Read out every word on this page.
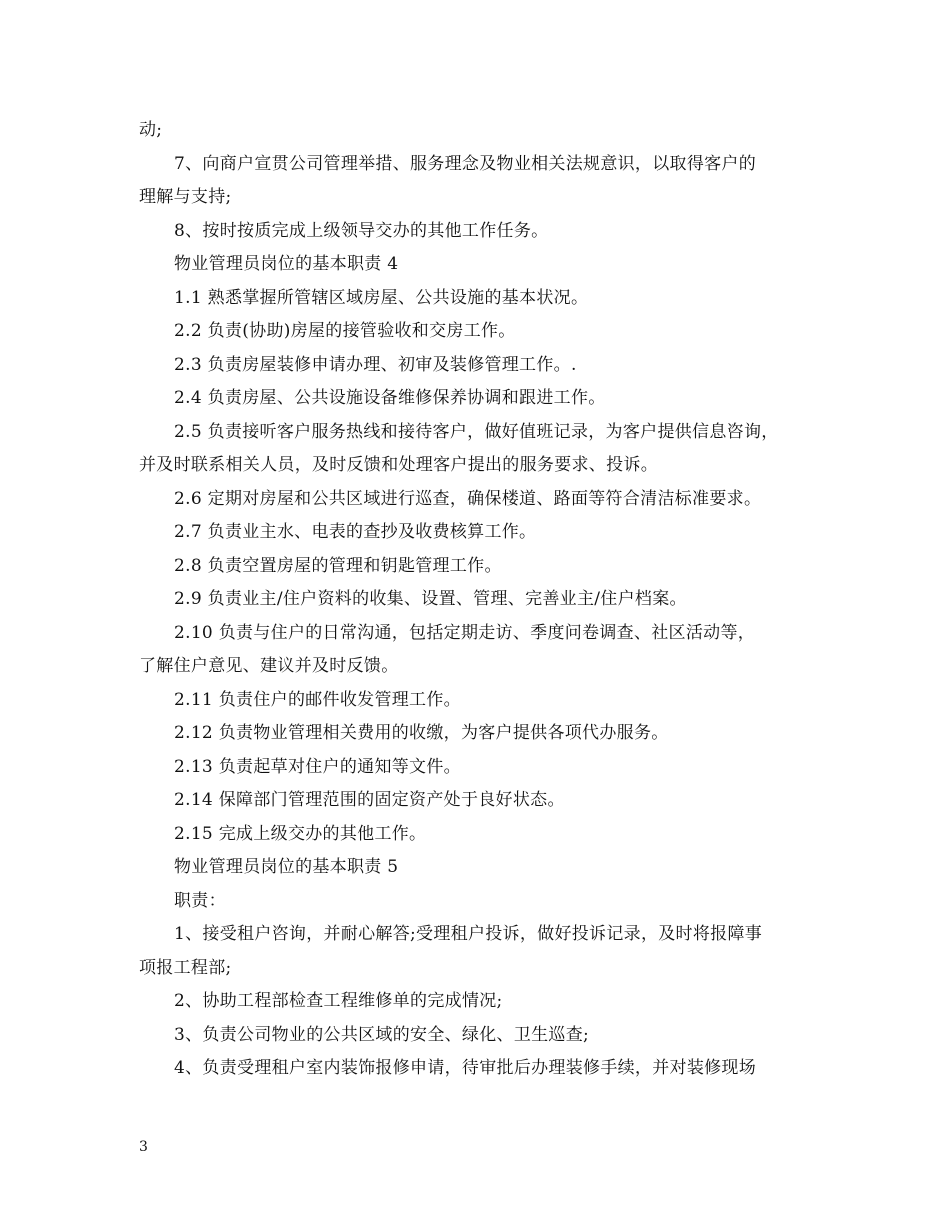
动;
7、向商户宣贯公司管理举措、服务理念及物业相关法规意识，以取得客户的
理解与支持;
8、按时按质完成上级领导交办的其他工作任务。
物业管理员岗位的基本职责 4
1.1 熟悉掌握所管辖区域房屋、公共设施的基本状况。
2.2 负责(协助)房屋的接管验收和交房工作。
2.3 负责房屋装修申请办理、初审及装修管理工作。.
2.4 负责房屋、公共设施设备维修保养协调和跟进工作。
2.5 负责接听客户服务热线和接待客户，做好值班记录，为客户提供信息咨询，
并及时联系相关人员，及时反馈和处理客户提出的服务要求、投诉。
2.6 定期对房屋和公共区域进行巡查，确保楼道、路面等符合清洁标准要求。
2.7 负责业主水、电表的查抄及收费核算工作。
2.8 负责空置房屋的管理和钥匙管理工作。
2.9 负责业主/住户资料的收集、设置、管理、完善业主/住户档案。
2.10 负责与住户的日常沟通，包括定期走访、季度问卷调查、社区活动等，
了解住户意见、建议并及时反馈。
2.11 负责住户的邮件收发管理工作。
2.12 负责物业管理相关费用的收缴，为客户提供各项代办服务。
2.13 负责起草对住户的通知等文件。
2.14 保障部门管理范围的固定资产处于良好状态。
2.15 完成上级交办的其他工作。
物业管理员岗位的基本职责 5
职责：
1、接受租户咨询，并耐心解答;受理租户投诉，做好投诉记录，及时将报障事
项报工程部;
2、协助工程部检查工程维修单的完成情况;
3、负责公司物业的公共区域的安全、绿化、卫生巡查;
4、负责受理租户室内装饰报修申请，待审批后办理装修手续，并对装修现场
3
